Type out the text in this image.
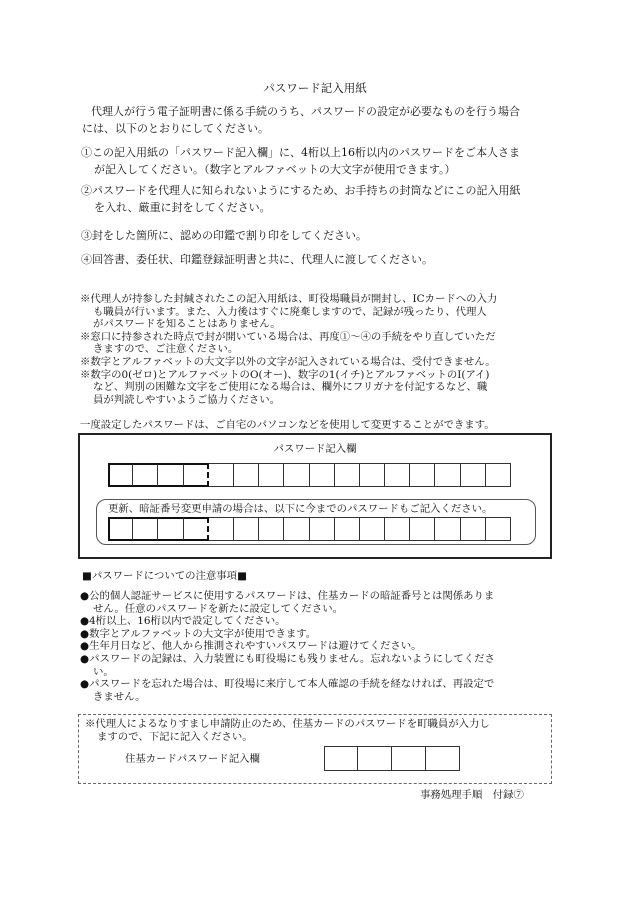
パスワード記入用紙
代理人が行う電子証明書に係る手続のうち、パスワードの設定が必要なものを行う場合
には、以下のとおりにしてください。
①この記入用紙の「パスワード記入欄」に、4桁以上16桁以内のパスワードをご本人さま
が記入してください。（数字とアルファベットの大文字が使用できます。）
②パスワードを代理人に知られないようにするため、お手持ちの封筒などにこの記入用紙
を入れ、厳重に封をしてください。
③封をした箇所に、認めの印鑑で割り印をしてください。
④回答書、委任状、印鑑登録証明書と共に、代理人に渡してください。
※代理人が持参した封緘されたこの記入用紙は、町役場職員が開封し、ICカードへの入力
も職員が行います。また、入力後はすぐに廃棄しますので、記録が残ったり、代理人
がパスワードを知ることはありません。
※窓口に持参された時点で封が開いている場合は、再度①～④の手続をやり直していただ
きますので、ご注意ください。
※数字とアルファベットの大文字以外の文字が記入されている場合は、受付できません。
※数字の0(ゼロ)とアルファベットのO(オー)、数字の1(イチ)とアルファベットのI(アイ)
など、判別の困難な文字をご使用になる場合は、欄外にフリガナを付記するなど、職
員が判読しやすいようご協力ください。
一度設定したパスワードは、ご自宅のパソコンなどを使用して変更することができます。
パスワード記入欄
更新、暗証番号変更申請の場合は、以下に今までのパスワードもご記入ください。
■パスワードについての注意事項■
●公的個人認証サービスに使用するパスワードは、住基カードの暗証番号とは関係ありま
せん。任意のパスワードを新たに設定してください。
●4桁以上、16桁以内で設定してください。
●数字とアルファベットの大文字が使用できます。
●生年月日など、他人から推測されやすいパスワードは避けてください。
●パスワードの記録は、入力装置にも町役場にも残りません。忘れないようにしてくださ
い。
●パスワードを忘れた場合は、町役場に来庁して本人確認の手続を経なければ、再設定で
きません。
※代理人によるなりすまし申請防止のため、住基カードのパスワードを町職員が入力し
ますので、下記に記入ください。
住基カードパスワード記入欄
事務処理手順　付録⑦
